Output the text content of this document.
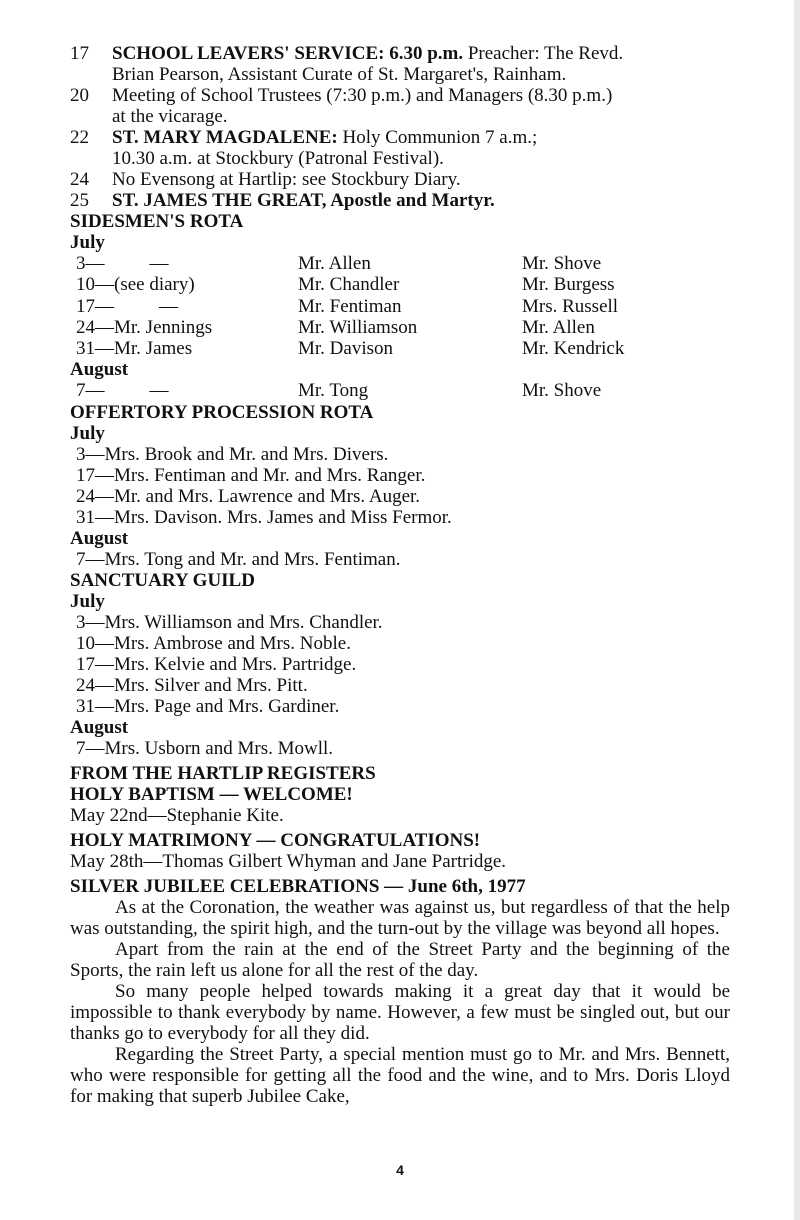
17 SCHOOL LEAVERS' SERVICE: 6.30 p.m. Preacher: The Revd.
Brian Pearson, Assistant Curate of St. Margaret's, Rainham.
20 Meeting of School Trustees (7:30 p.m.) and Managers (8.30 p.m.)
at the vicarage.
22 ST. MARY MAGDALENE: Holy Communion 7 a.m.;
10.30 a.m. at Stockbury (Patronal Festival).
24 No Evensong at Hartlip: see Stockbury Diary.
25 ST. JAMES THE GREAT, Apostle and Martyr.
SIDESMEN'S ROTA
July
3— —	Mr. Allen	Mr. Shove
10—(see diary)	Mr. Chandler	Mr. Burgess
17— —	Mr. Fentiman	Mrs. Russell
24—Mr. Jennings	Mr. Williamson	Mr. Allen
31—Mr. James	Mr. Davison	Mr. Kendrick
August
7— —	Mr. Tong	Mr. Shove
OFFERTORY PROCESSION ROTA
July
3—Mrs. Brook and Mr. and Mrs. Divers.
17—Mrs. Fentiman and Mr. and Mrs. Ranger.
24—Mr. and Mrs. Lawrence and Mrs. Auger.
31—Mrs. Davison. Mrs. James and Miss Fermor.
August
7—Mrs. Tong and Mr. and Mrs. Fentiman.
SANCTUARY GUILD
July
3—Mrs. Williamson and Mrs. Chandler.
10—Mrs. Ambrose and Mrs. Noble.
17—Mrs. Kelvie and Mrs. Partridge.
24—Mrs. Silver and Mrs. Pitt.
31—Mrs. Page and Mrs. Gardiner.
August
7—Mrs. Usborn and Mrs. Mowll.
FROM THE HARTLIP REGISTERS
HOLY BAPTISM — WELCOME!
May 22nd—Stephanie Kite.
HOLY MATRIMONY — CONGRATULATIONS!
May 28th—Thomas Gilbert Whyman and Jane Partridge.
SILVER JUBILEE CELEBRATIONS — June 6th, 1977
As at the Coronation, the weather was against us, but regardless of that the help was outstanding, the spirit high, and the turn-out by the village was beyond all hopes.
Apart from the rain at the end of the Street Party and the beginning of the Sports, the rain left us alone for all the rest of the day.
So many people helped towards making it a great day that it would be impossible to thank everybody by name. However, a few must be singled out, but our thanks go to everybody for all they did.
Regarding the Street Party, a special mention must go to Mr. and Mrs. Bennett, who were responsible for getting all the food and the wine, and to Mrs. Doris Lloyd for making that superb Jubilee Cake,
4
